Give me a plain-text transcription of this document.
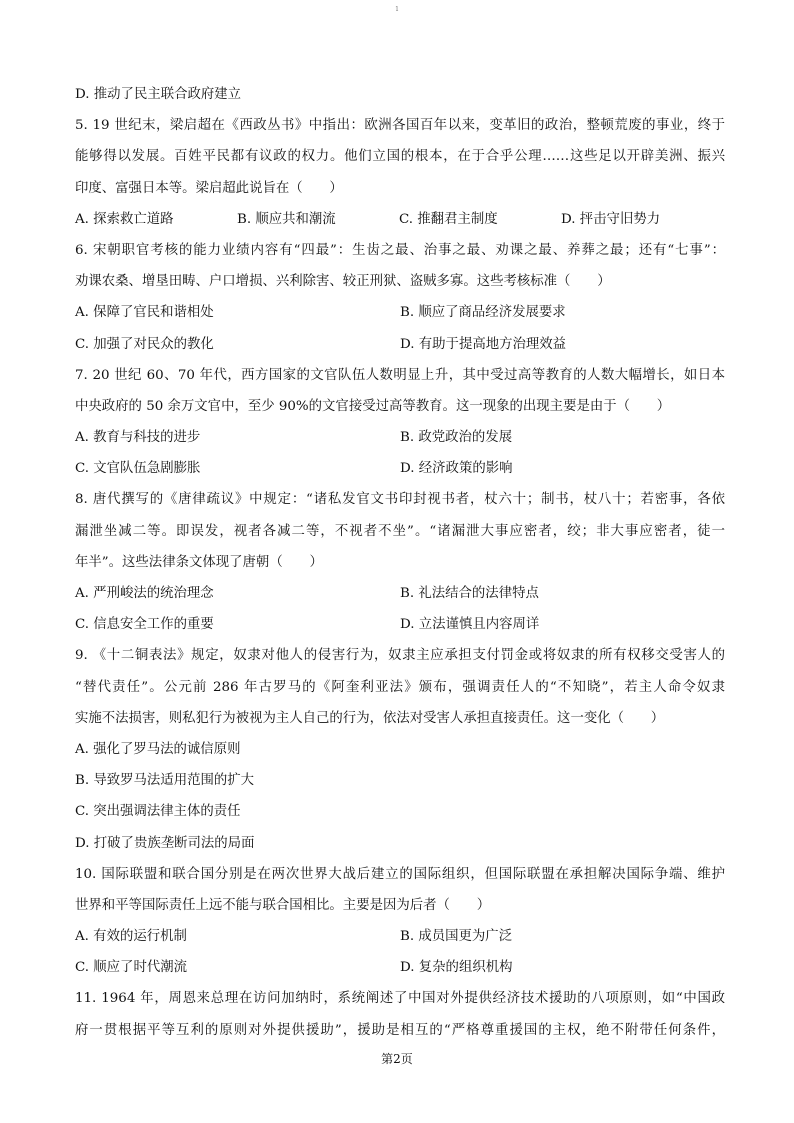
1
D. 推动了民主联合政府建立
5. 19 世纪末，梁启超在《西政丛书》中指出：欧洲各国百年以来，变革旧的政治，整顿荒废的事业，终于
能够得以发展。百姓平民都有议政的权力。他们立国的根本，在于合乎公理……这些足以开辟美洲、振兴
印度、富强日本等。梁启超此说旨在（　　）
A. 探索救亡道路	B. 顺应共和潮流	C. 推翻君主制度	D. 抨击守旧势力
6. 宋朝职官考核的能力业绩内容有“四最”：生齿之最、治事之最、劝课之最、养葬之最；还有“七事”：
劝课农桑、增垦田畴、户口增损、兴利除害、较正刑狱、盗贼多寡。这些考核标准（　　）
A. 保障了官民和谐相处	B. 顺应了商品经济发展要求
C. 加强了对民众的教化	D. 有助于提高地方治理效益
7. 20 世纪 60、70 年代，西方国家的文官队伍人数明显上升，其中受过高等教育的人数大幅增长，如日本
中央政府的 50 余万文官中，至少 90%的文官接受过高等教育。这一现象的出现主要是由于（　　）
A. 教育与科技的进步	B. 政党政治的发展
C. 文官队伍急剧膨胀	D. 经济政策的影响
8. 唐代撰写的《唐律疏议》中规定：“诸私发官文书印封视书者，杖六十；制书，杖八十；若密事，各依
漏泄坐减二等。即误发，视者各减二等，不视者不坐”。“诸漏泄大事应密者，绞；非大事应密者，徒一
年半”。这些法律条文体现了唐朝（　　）
A. 严刑峻法的统治理念	B. 礼法结合的法律特点
C. 信息安全工作的重要	D. 立法谨慎且内容周详
9. 《十二铜表法》规定，奴隶对他人的侵害行为，奴隶主应承担支付罚金或将奴隶的所有权移交受害人的
“替代责任”。公元前 286 年古罗马的《阿奎利亚法》颁布，强调责任人的“不知晓”，若主人命令奴隶
实施不法损害，则私犯行为被视为主人自己的行为，依法对受害人承担直接责任。这一变化（　　）
A. 强化了罗马法的诚信原则
B. 导致罗马法适用范围的扩大
C. 突出强调法律主体的责任
D. 打破了贵族垄断司法的局面
10. 国际联盟和联合国分别是在两次世界大战后建立的国际组织，但国际联盟在承担解决国际争端、维护
世界和平等国际责任上远不能与联合国相比。主要是因为后者（　　）
A. 有效的运行机制	B. 成员国更为广泛
C. 顺应了时代潮流	D. 复杂的组织机构
11. 1964 年，周恩来总理在访问加纳时，系统阐述了中国对外提供经济技术援助的八项原则，如“中国政
府一贯根据平等互利的原则对外提供援助”，援助是相互的“严格尊重援国的主权，绝不附带任何条件，
第2页
